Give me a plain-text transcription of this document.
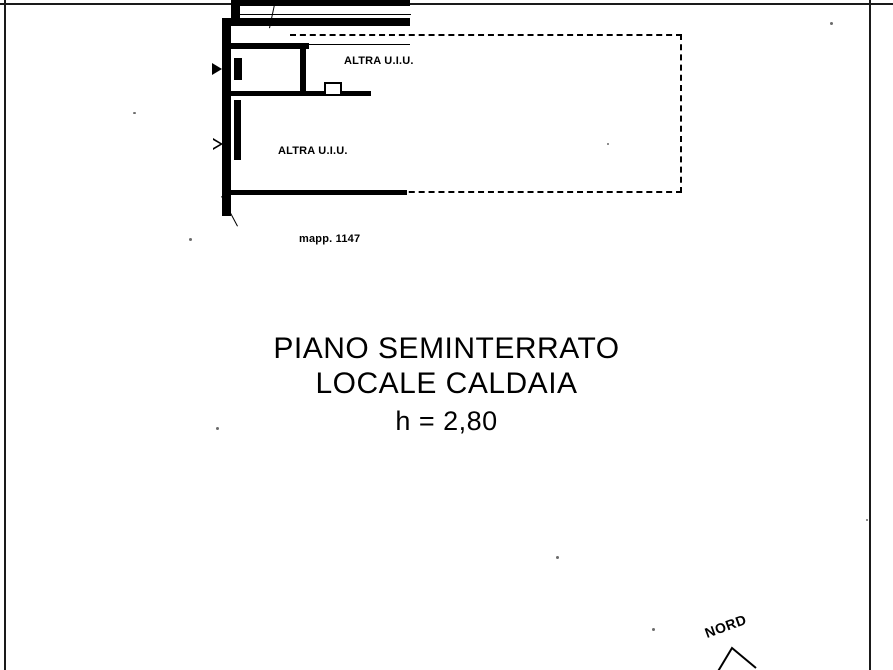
ALTRA U.I.U.
ALTRA U.I.U.
mapp. 1147
PIANO SEMINTERRATO
LOCALE CALDAIA
h = 2,80
NORD
